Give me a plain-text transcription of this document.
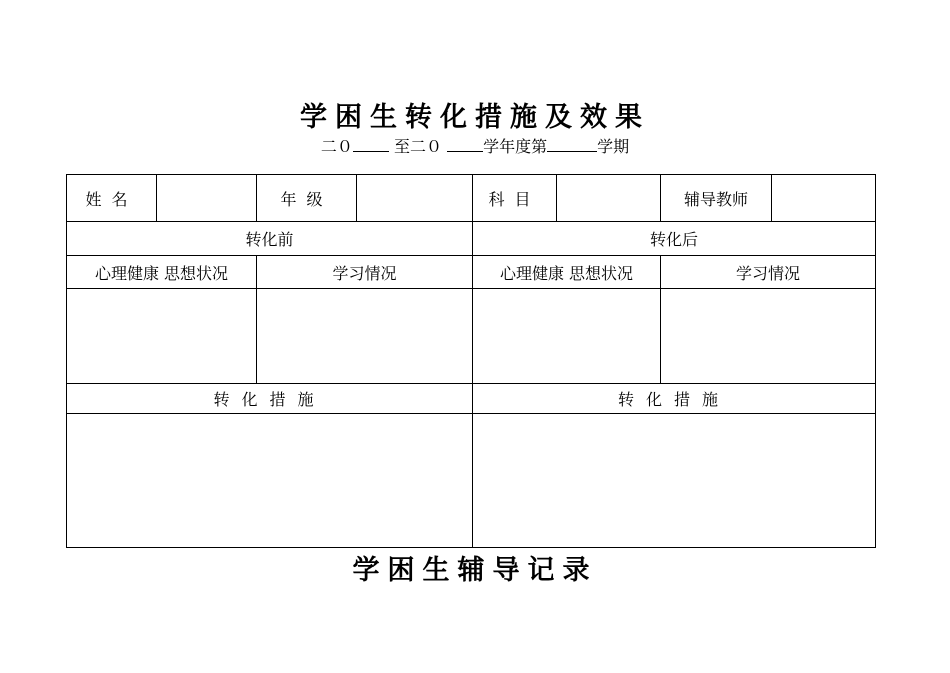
学困生转化措施及效果
二０	至二０	学年度第	学期
姓名		年级		科目		辅导教师	
转化前				转化后			
心理健康 思想状况		学习情况		心理健康 思想状况		学习情况	

转化措施				转化措施			

学困生辅导记录
